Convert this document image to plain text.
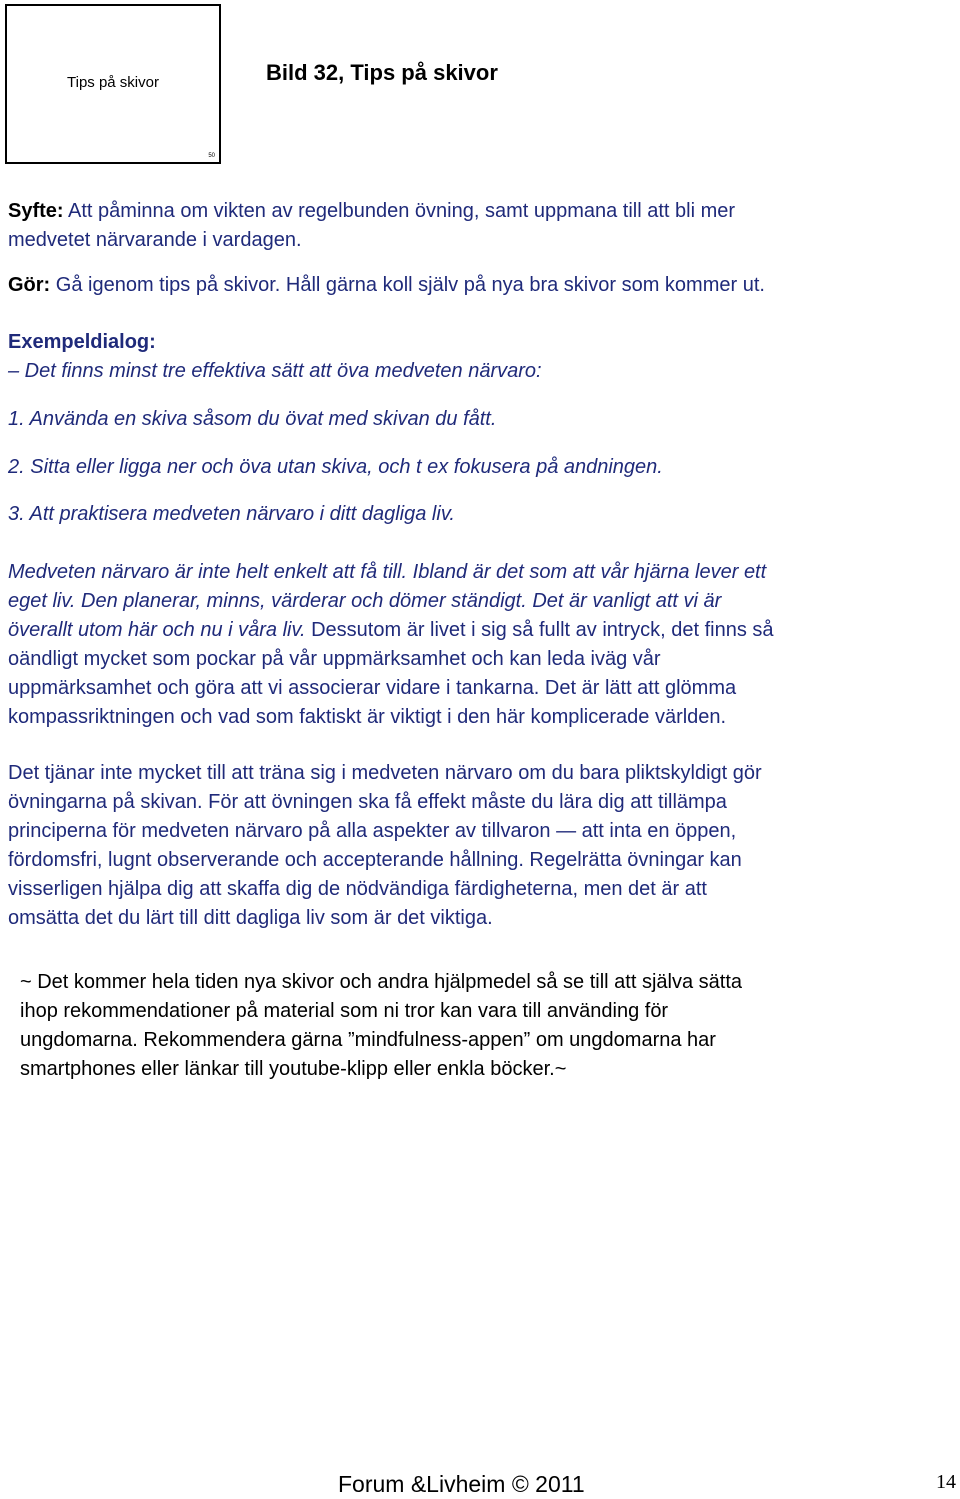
Tips på skivor
50
Bild 32, Tips på skivor
Syfte: Att påminna om vikten av regelbunden övning, samt uppmana till att bli mer
medvetet närvarande i vardagen.
Gör: Gå igenom tips på skivor. Håll gärna koll själv på nya bra skivor som kommer ut.
Exempeldialog:
– Det finns minst tre effektiva sätt att öva medveten närvaro:
1. Använda en skiva såsom du övat med skivan du fått.
2. Sitta eller ligga ner och öva utan skiva, och t ex fokusera på andningen.
3. Att praktisera medveten närvaro i ditt dagliga liv.
Medveten närvaro är inte helt enkelt att få till. Ibland är det som att vår hjärna lever ett
eget liv. Den planerar, minns, värderar och dömer ständigt. Det är vanligt att vi är
överallt utom här och nu i våra liv. Dessutom är livet i sig så fullt av intryck, det finns så
oändligt mycket som pockar på vår uppmärksamhet och kan leda iväg vår
uppmärksamhet och göra att vi associerar vidare i tankarna. Det är lätt att glömma
kompassriktningen och vad som faktiskt är viktigt i den här komplicerade världen.
Det tjänar inte mycket till att träna sig i medveten närvaro om du bara pliktskyldigt gör
övningarna på skivan. För att övningen ska få effekt måste du lära dig att tillämpa
principerna för medveten närvaro på alla aspekter av tillvaron — att inta en öppen,
fördomsfri, lugnt observerande och accepterande hållning. Regelrätta övningar kan
visserligen hjälpa dig att skaffa dig de nödvändiga färdigheterna, men det är att
omsätta det du lärt till ditt dagliga liv som är det viktiga.
~ Det kommer hela tiden nya skivor och andra hjälpmedel så se till att själva sätta
ihop rekommendationer på material som ni tror kan vara till använding för
ungdomarna. Rekommendera gärna ”mindfulness-appen” om ungdomarna har
smartphones eller länkar till youtube-klipp eller enkla böcker.~
Forum &Livheim © 2011	14
